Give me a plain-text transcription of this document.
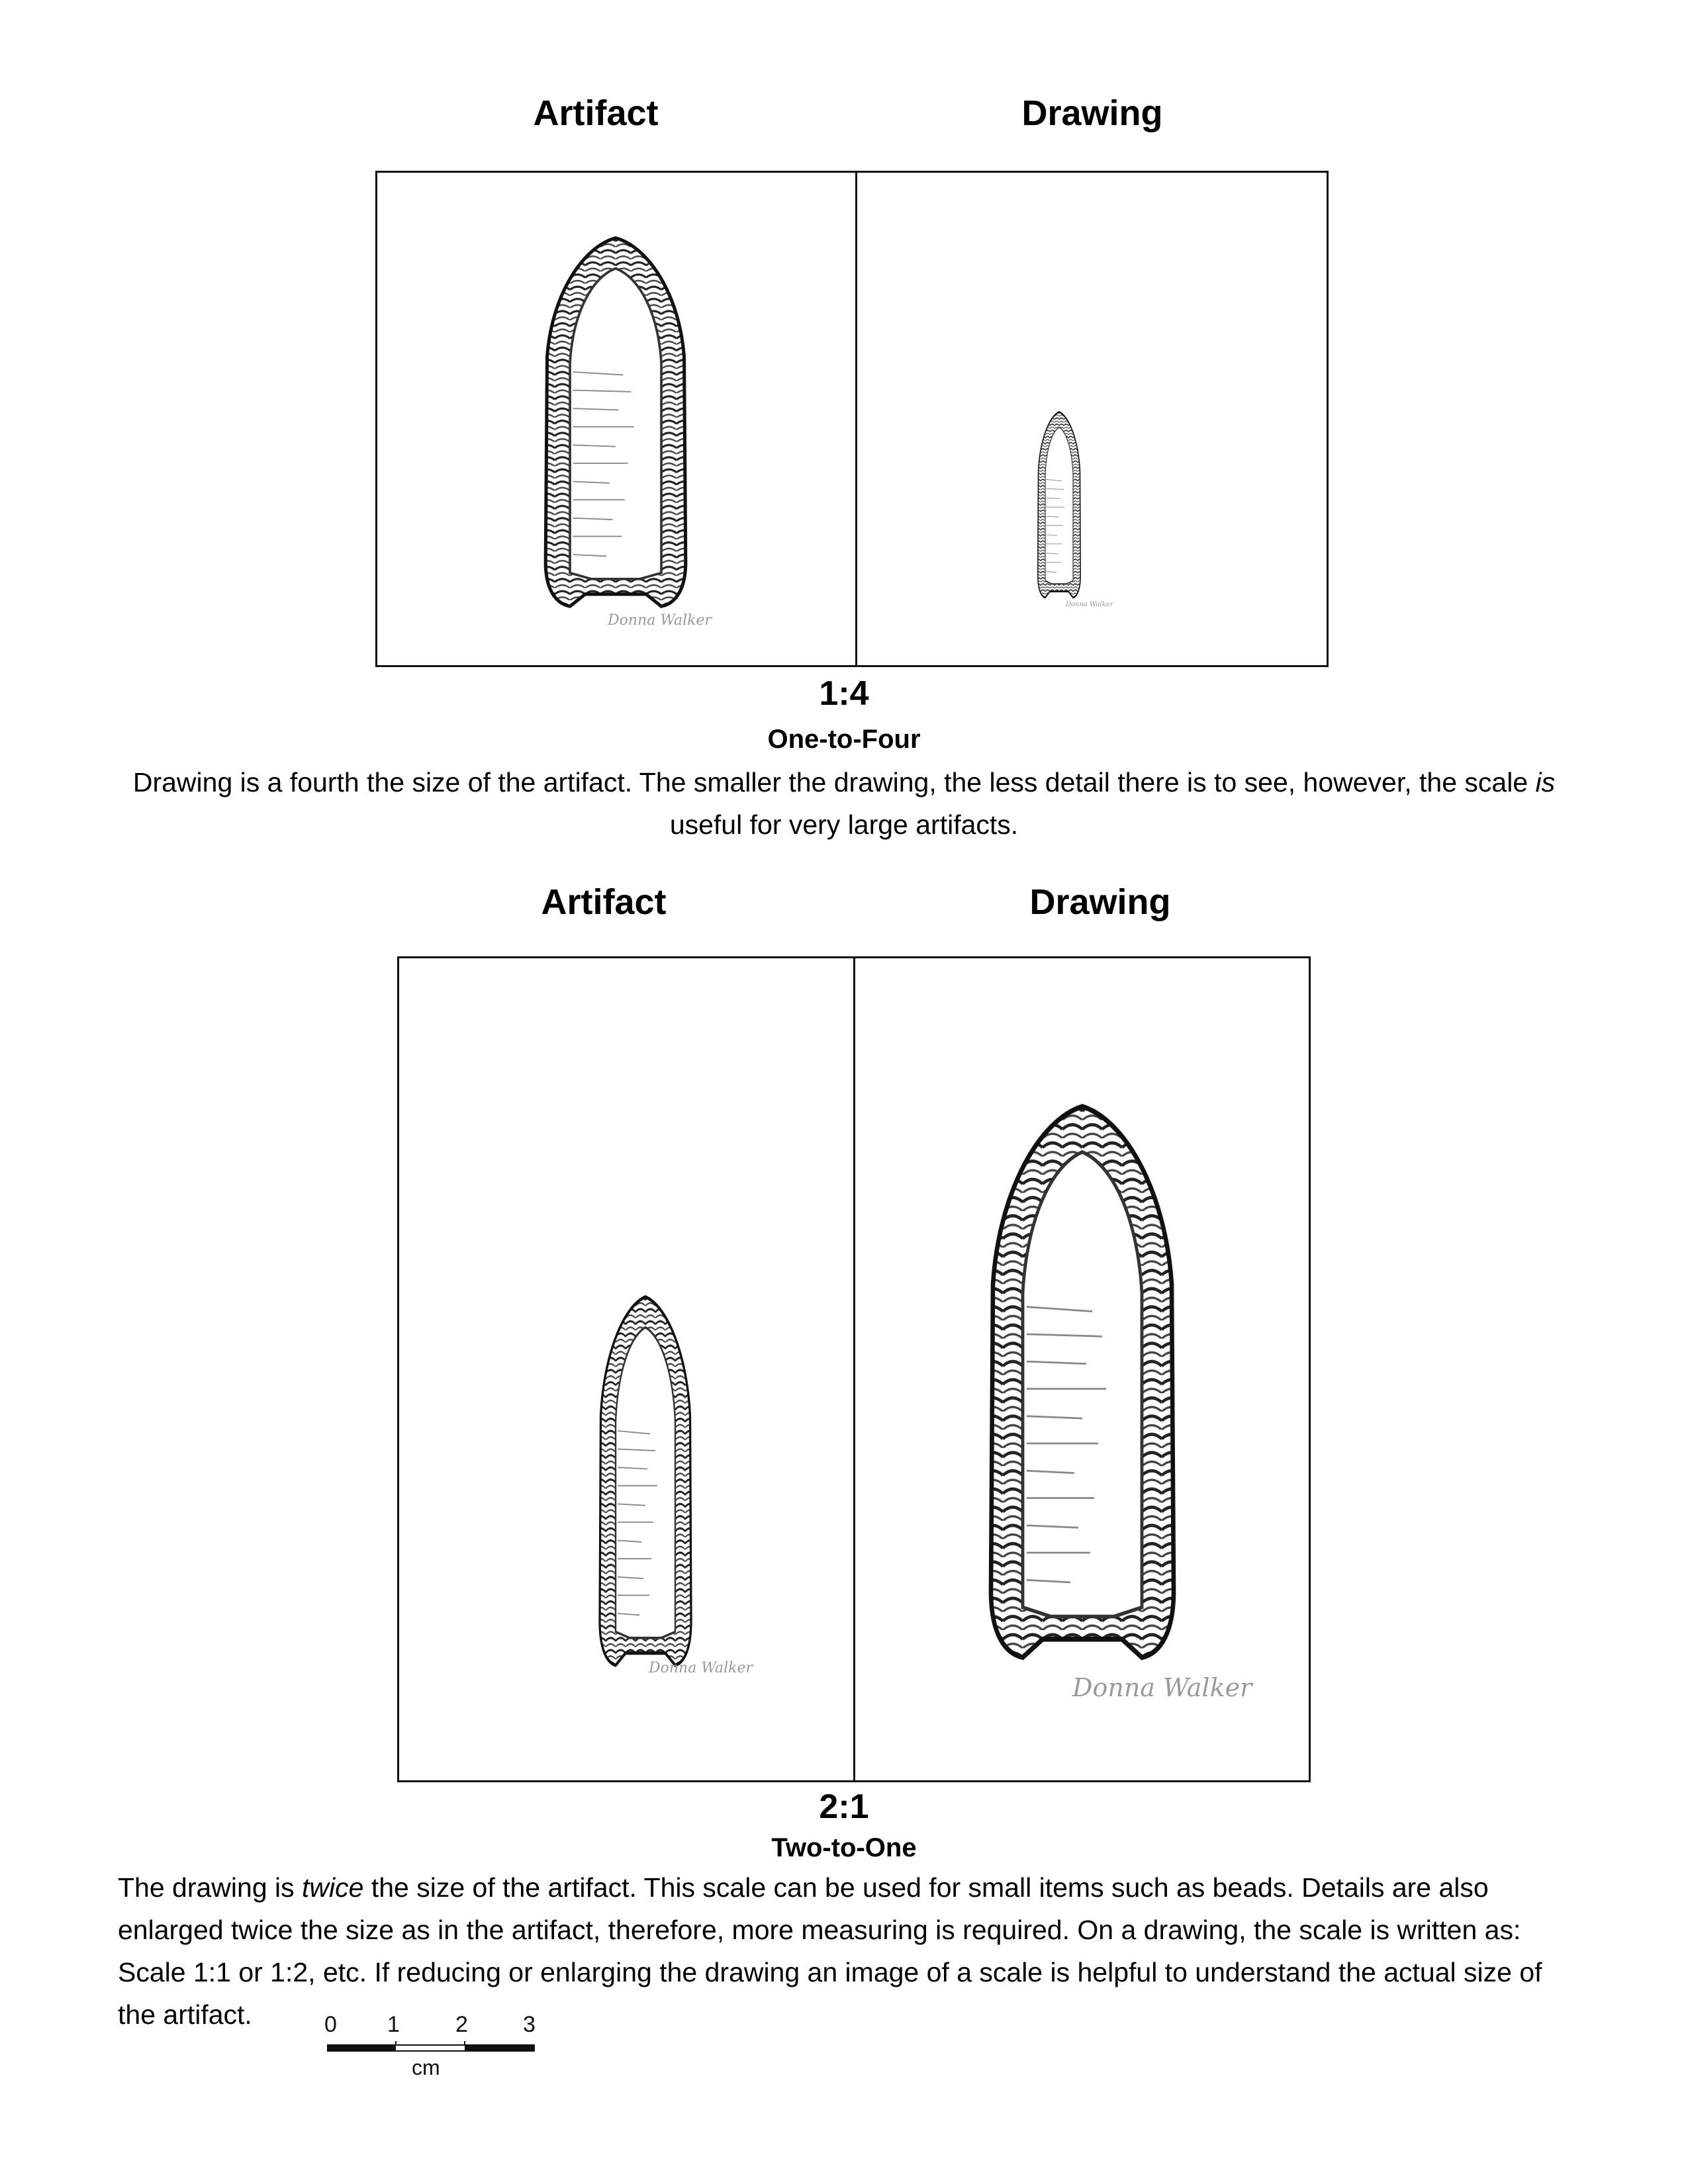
Artifact	Drawing
Donna Walker
Donna Walker
1:4
One-to-Four
Drawing is a fourth the size of the artifact. The smaller the drawing, the less detail there is to see, however, the scale is
useful for very large artifacts.
Artifact	Drawing
Donna Walker
Donna Walker
2:1
Two-to-One
The drawing is twice the size of the artifact. This scale can be used for small items such as beads. Details are also enlarged twice the size as in the artifact, therefore, more measuring is required. On a drawing, the scale is written as: Scale 1:1 or 1:2, etc. If reducing or enlarging the drawing an image of a scale is helpful to understand the actual size of the artifact.	0 1 2 3
cm
